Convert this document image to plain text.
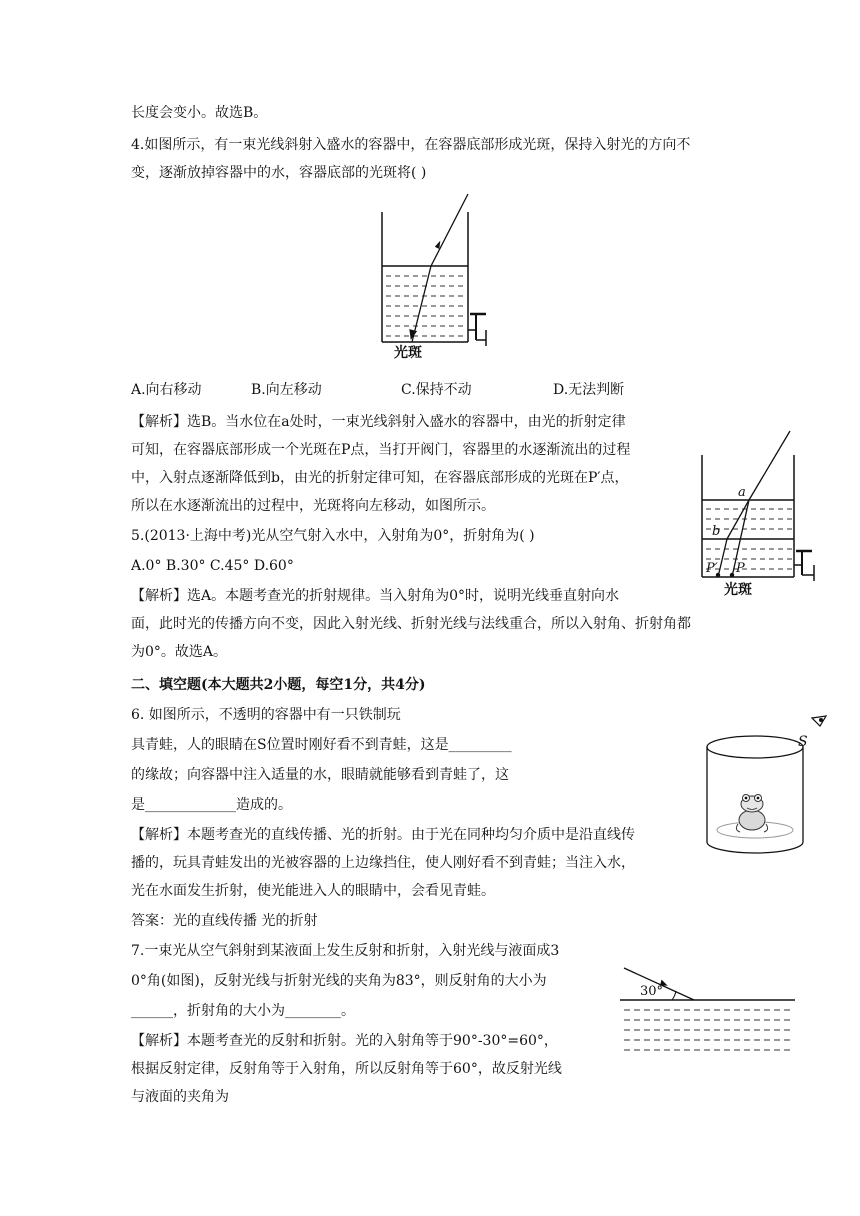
长度会变小。故选B。
4.如图所示，有一束光线斜射入盛水的容器中，在容器底部形成光斑，保持入射光的方向不
变，逐渐放掉容器中的水，容器底部的光斑将( )
光斑
A.向右移动	B.向左移动	C.保持不动	D.无法判断
【解析】选B。当水位在a处时，一束光线斜射入盛水的容器中，由光的折射定律
可知，在容器底部形成一个光斑在P点，当打开阀门，容器里的水逐渐流出的过程
中，入射点逐渐降低到b，由光的折射定律可知，在容器底部形成的光斑在P′点，
所以在水逐渐流出的过程中，光斑将向左移动，如图所示。
a
b
P′ P
光斑
5.(2013·上海中考)光从空气射入水中，入射角为0°，折射角为( )
A.0° B.30° C.45° D.60°
【解析】选A。本题考查光的折射规律。当入射角为0°时，说明光线垂直射向水
面，此时光的传播方向不变，因此入射光线、折射光线与法线重合，所以入射角、折射角都
为0°。故选A。
二、填空题(本大题共2小题，每空1分，共4分)
6. 如图所示，不透明的容器中有一只铁制玩
具青蛙，人的眼睛在S位置时刚好看不到青蛙，这是_________
的缘故；向容器中注入适量的水，眼睛就能够看到青蛙了，这
是_____________造成的。
S
【解析】本题考查光的直线传播、光的折射。由于光在同种均匀介质中是沿直线传
播的，玩具青蛙发出的光被容器的上边缘挡住，使人刚好看不到青蛙；当注入水，
光在水面发生折射，使光能进入人的眼睛中，会看见青蛙。
答案：光的直线传播 光的折射
7.一束光从空气斜射到某液面上发生反射和折射，入射光线与液面成3
0°角(如图)，反射光线与折射光线的夹角为83°，则反射角的大小为
______，折射角的大小为________。
30°
【解析】本题考查光的反射和折射。光的入射角等于90°-30°=60°，
根据反射定律，反射角等于入射角，所以反射角等于60°，故反射光线
与液面的夹角为
